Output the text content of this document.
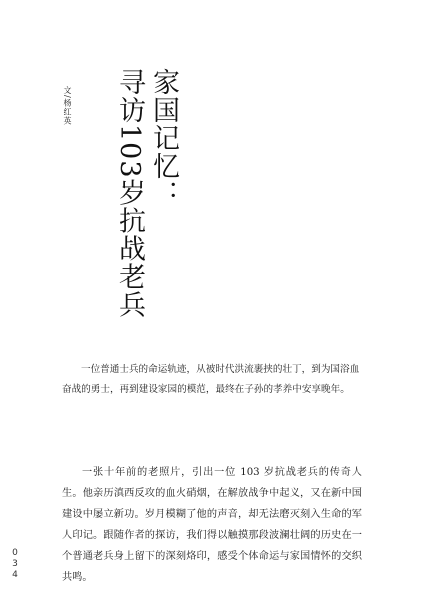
家国记忆：
寻访103岁抗战老兵
文/杨红英

一位普通士兵的命运轨迹，从被时代洪流裹挟的壮丁，到为国浴血奋战的勇士，再到建设家园的模范，最终在子孙的孝养中安享晚年。

一张十年前的老照片，引出一位 103 岁抗战老兵的传奇人生。他亲历滇西反攻的血火硝烟，在解放战争中起义，又在新中国建设中屡立新功。岁月模糊了他的声音，却无法磨灭刻入生命的军人印记。跟随作者的探访，我们得以触摸那段波澜壮阔的历史在一个普通老兵身上留下的深刻烙印，感受个体命运与家国情怀的交织共鸣。

0
3
4
